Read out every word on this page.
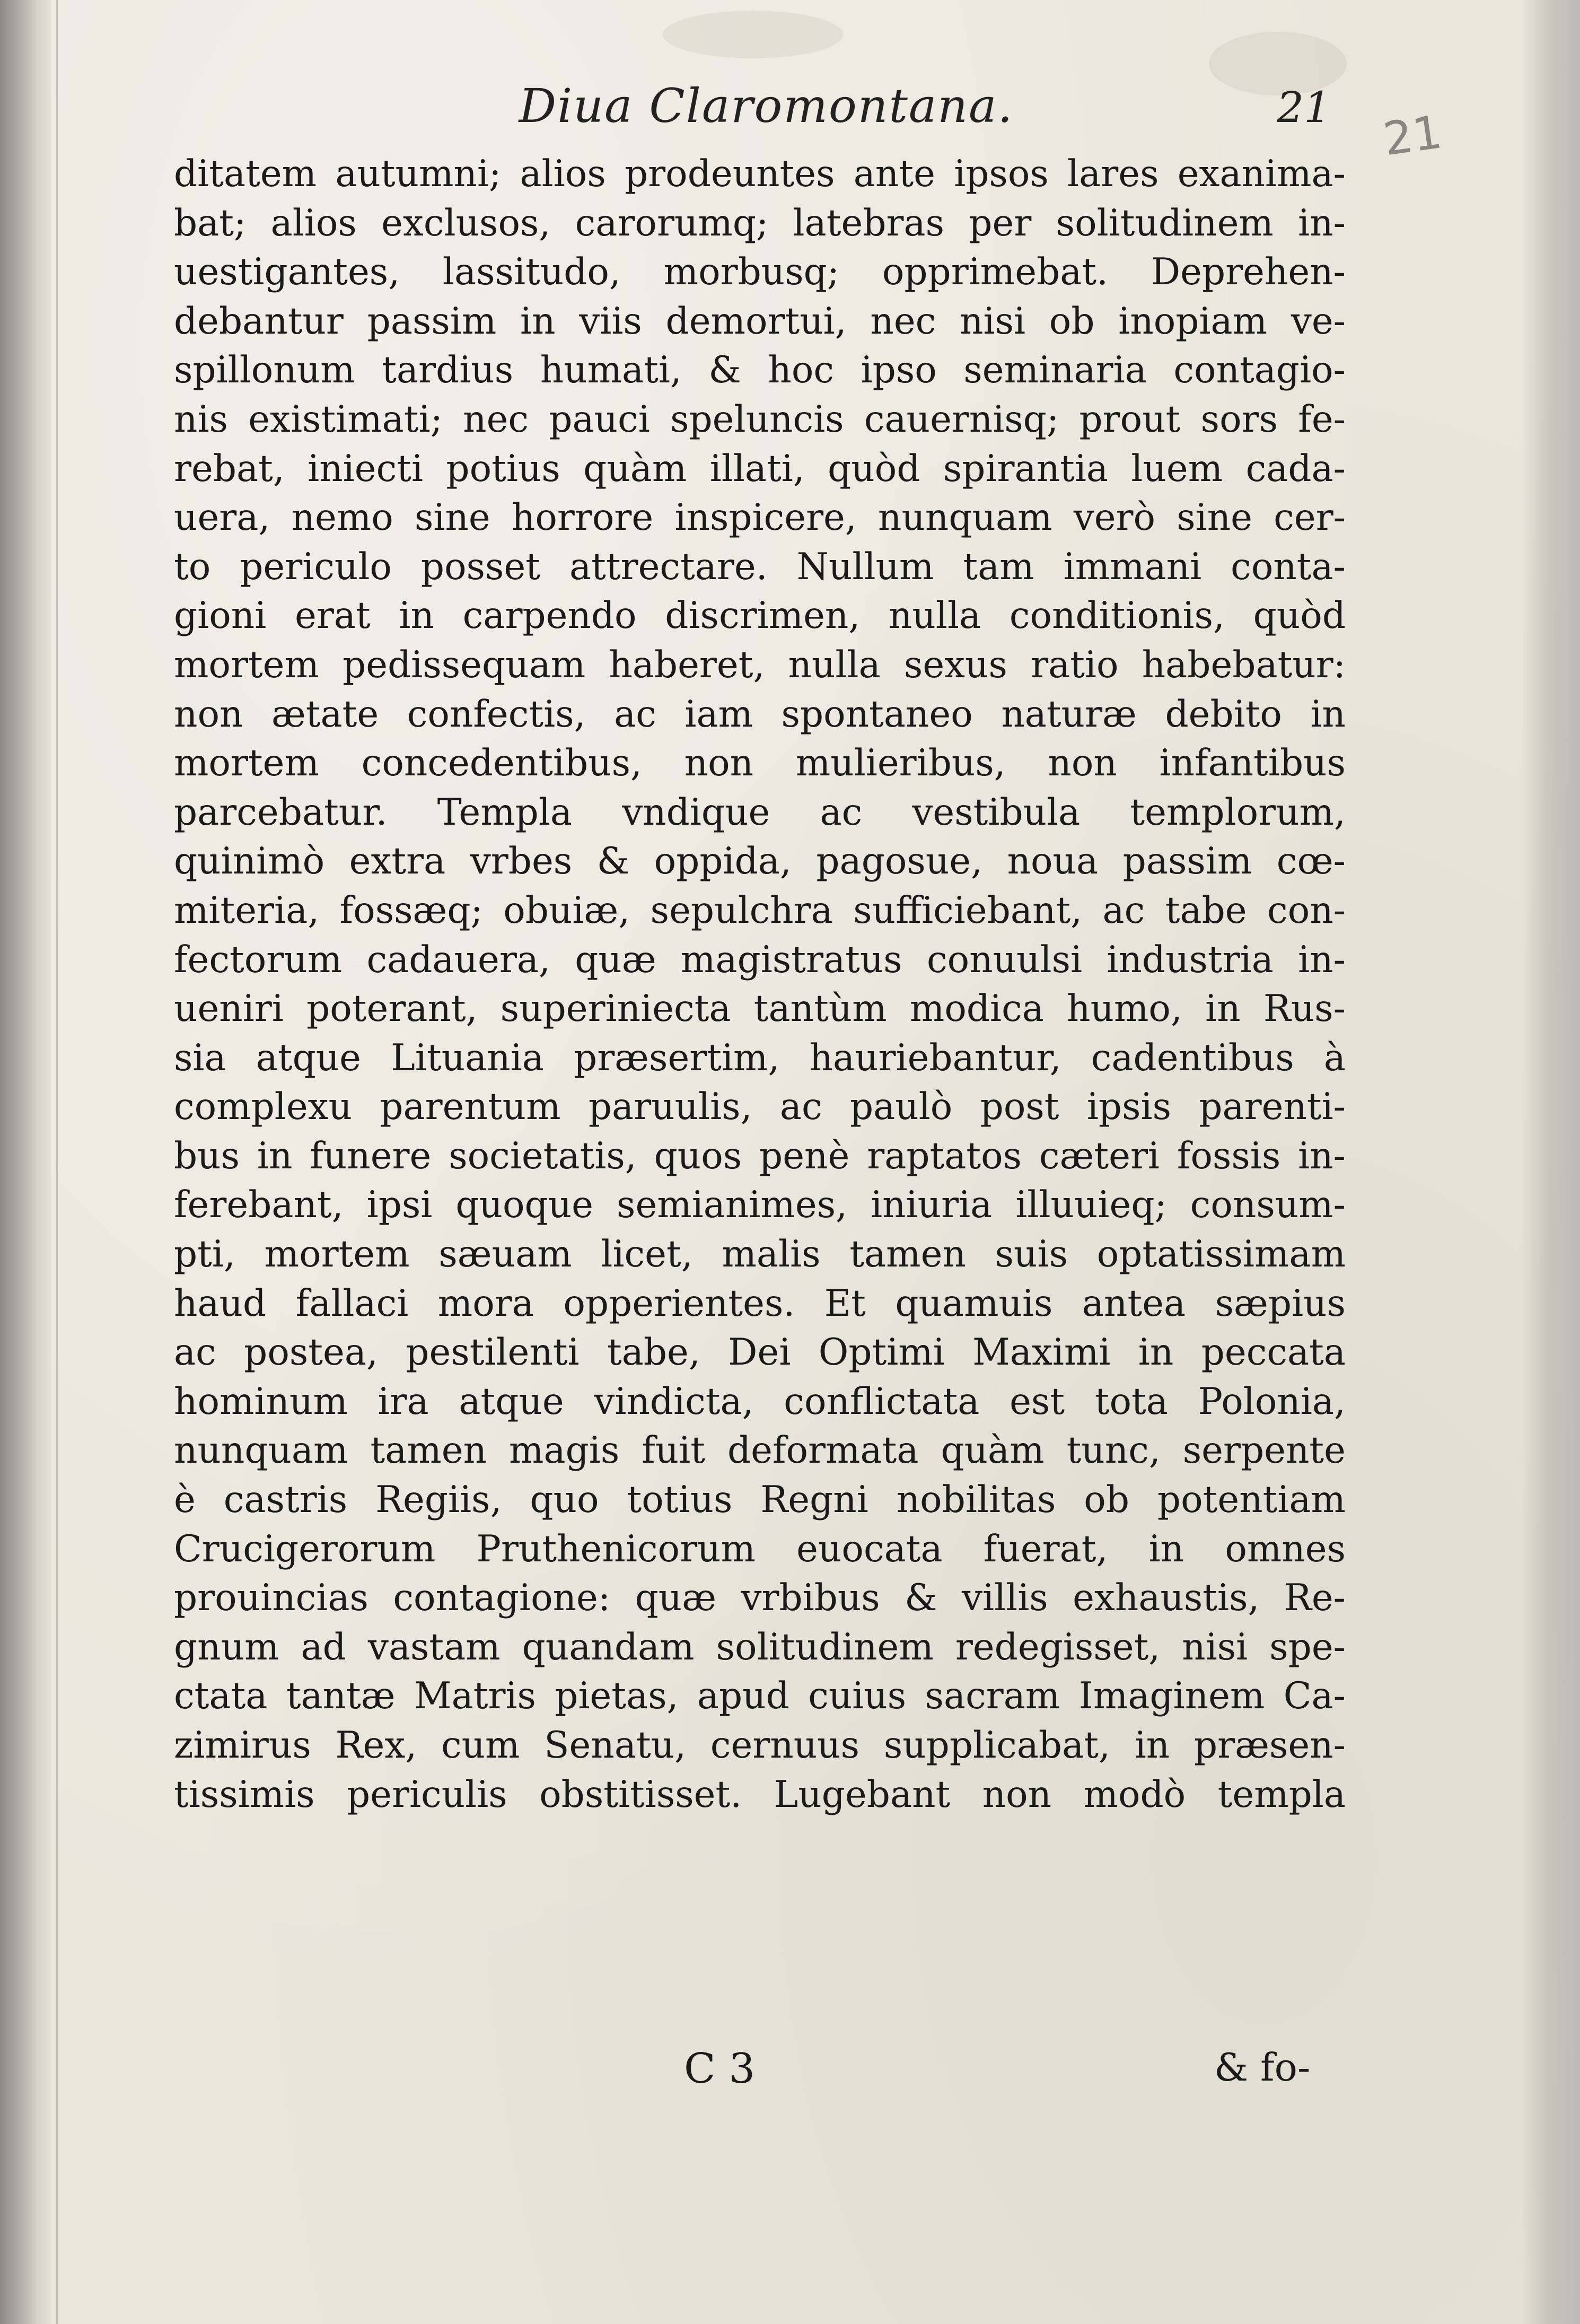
Diua Claromontana.	21 21
ditatem autumni; alios prodeuntes ante ipsos lares exanima-
bat; alios exclusos, carorumq; latebras per solitudinem in-
uestigantes, lassitudo, morbusq; opprimebat. Deprehen-
debantur passim in viis demortui, nec nisi ob inopiam ve-
spillonum tardius humati, & hoc ipso seminaria contagio-
nis existimati; nec pauci speluncis cauernisq; prout sors fe-
rebat, iniecti potius quàm illati, quòd spirantia luem cada-
uera, nemo sine horrore inspicere, nunquam verò sine cer-
to periculo posset attrectare. Nullum tam immani conta-
gioni erat in carpendo discrimen, nulla conditionis, quòd
mortem pedissequam haberet, nulla sexus ratio habebatur:
non ætate confectis, ac iam spontaneo naturæ debito in
mortem concedentibus, non mulieribus, non infantibus
parcebatur. Templa vndique ac vestibula templorum,
quinimò extra vrbes & oppida, pagosue, noua passim cœ-
miteria, fossæq; obuiæ, sepulchra sufficiebant, ac tabe con-
fectorum cadauera, quæ magistratus conuulsi industria in-
ueniri poterant, superiniecta tantùm modica humo, in Rus-
sia atque Lituania præsertim, hauriebantur, cadentibus à
complexu parentum paruulis, ac paulò post ipsis parenti-
bus in funere societatis, quos penè raptatos cæteri fossis in-
ferebant, ipsi quoque semianimes, iniuria illuuieq; consum-
pti, mortem sæuam licet, malis tamen suis optatissimam
haud fallaci mora opperientes. Et quamuis antea sæpius
ac postea, pestilenti tabe, Dei Optimi Maximi in peccata
hominum ira atque vindicta, conflictata est tota Polonia,
nunquam tamen magis fuit deformata quàm tunc, serpente
è castris Regiis, quo totius Regni nobilitas ob potentiam
Crucigerorum Pruthenicorum euocata fuerat, in omnes
prouincias contagione: quæ vrbibus & villis exhaustis, Re-
gnum ad vastam quandam solitudinem redegisset, nisi spe-
ctata tantæ Matris pietas, apud cuius sacram Imaginem Ca-
zimirus Rex, cum Senatu, cernuus supplicabat, in præsen-
tissimis periculis obstitisset. Lugebant non modò templa
C 3	& fo-
